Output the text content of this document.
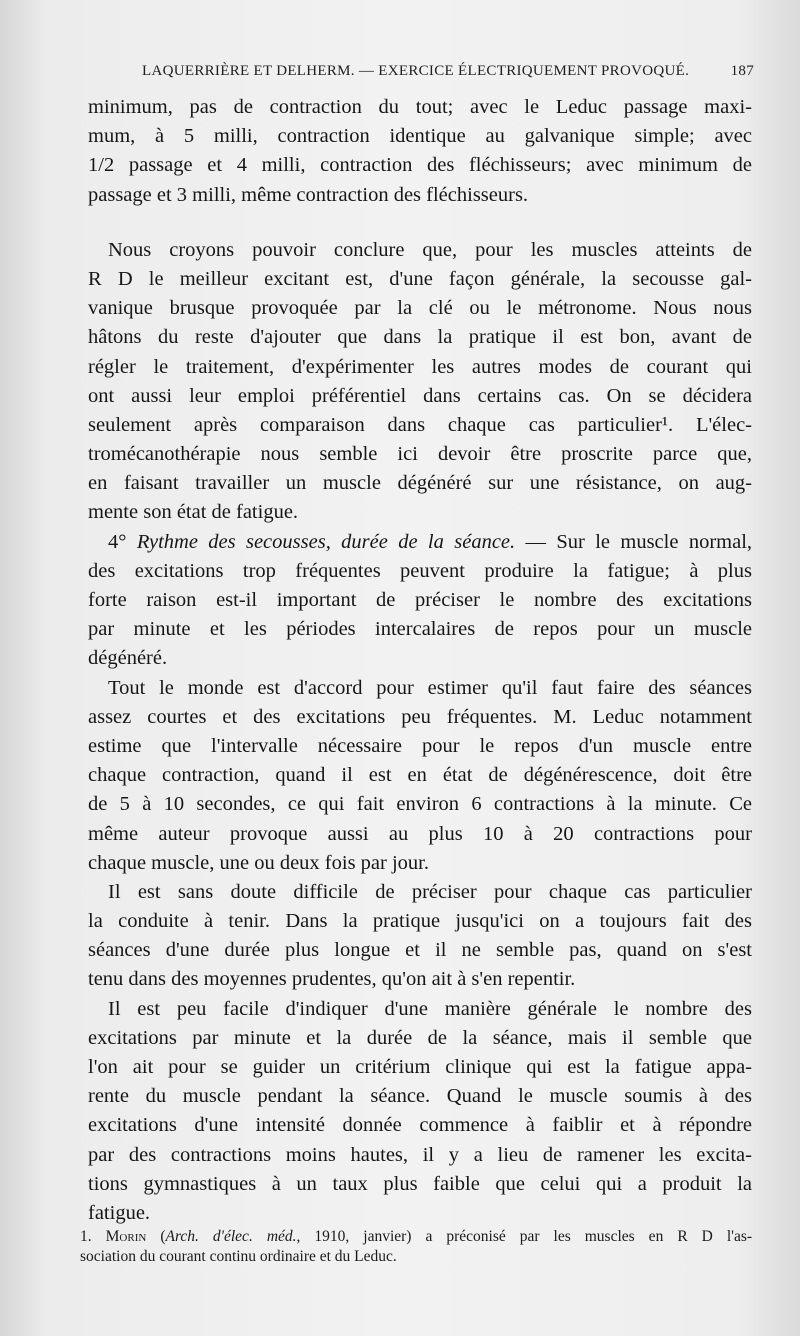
LAQUERRIÈRE ET DELHERM. — EXERCICE ÉLECTRIQUEMENT PROVOQUÉ.	187
minimum, pas de contraction du tout; avec le Leduc passage maxi-
mum, à 5 milli, contraction identique au galvanique simple; avec
1/2 passage et 4 milli, contraction des fléchisseurs; avec minimum de
passage et 3 milli, même contraction des fléchisseurs.
Nous croyons pouvoir conclure que, pour les muscles atteints de
R D le meilleur excitant est, d'une façon générale, la secousse gal-
vanique brusque provoquée par la clé ou le métronome. Nous nous
hâtons du reste d'ajouter que dans la pratique il est bon, avant de
régler le traitement, d'expérimenter les autres modes de courant qui
ont aussi leur emploi préférentiel dans certains cas. On se décidera
seulement après comparaison dans chaque cas particulier¹. L'élec-
tromécanothérapie nous semble ici devoir être proscrite parce que,
en faisant travailler un muscle dégénéré sur une résistance, on aug-
mente son état de fatigue.
4° Rythme des secousses, durée de la séance. — Sur le muscle normal,
des excitations trop fréquentes peuvent produire la fatigue; à plus
forte raison est-il important de préciser le nombre des excitations
par minute et les périodes intercalaires de repos pour un muscle
dégénéré.
Tout le monde est d'accord pour estimer qu'il faut faire des séances
assez courtes et des excitations peu fréquentes. M. Leduc notamment
estime que l'intervalle nécessaire pour le repos d'un muscle entre
chaque contraction, quand il est en état de dégénérescence, doit être
de 5 à 10 secondes, ce qui fait environ 6 contractions à la minute. Ce
même auteur provoque aussi au plus 10 à 20 contractions pour
chaque muscle, une ou deux fois par jour.
Il est sans doute difficile de préciser pour chaque cas particulier
la conduite à tenir. Dans la pratique jusqu'ici on a toujours fait des
séances d'une durée plus longue et il ne semble pas, quand on s'est
tenu dans des moyennes prudentes, qu'on ait à s'en repentir.
Il est peu facile d'indiquer d'une manière générale le nombre des
excitations par minute et la durée de la séance, mais il semble que
l'on ait pour se guider un critérium clinique qui est la fatigue appa-
rente du muscle pendant la séance. Quand le muscle soumis à des
excitations d'une intensité donnée commence à faiblir et à répondre
par des contractions moins hautes, il y a lieu de ramener les excita-
tions gymnastiques à un taux plus faible que celui qui a produit la
fatigue.
1. Morin (Arch. d'élec. méd., 1910, janvier) a préconisé par les muscles en R D l'as-
sociation du courant continu ordinaire et du Leduc.
